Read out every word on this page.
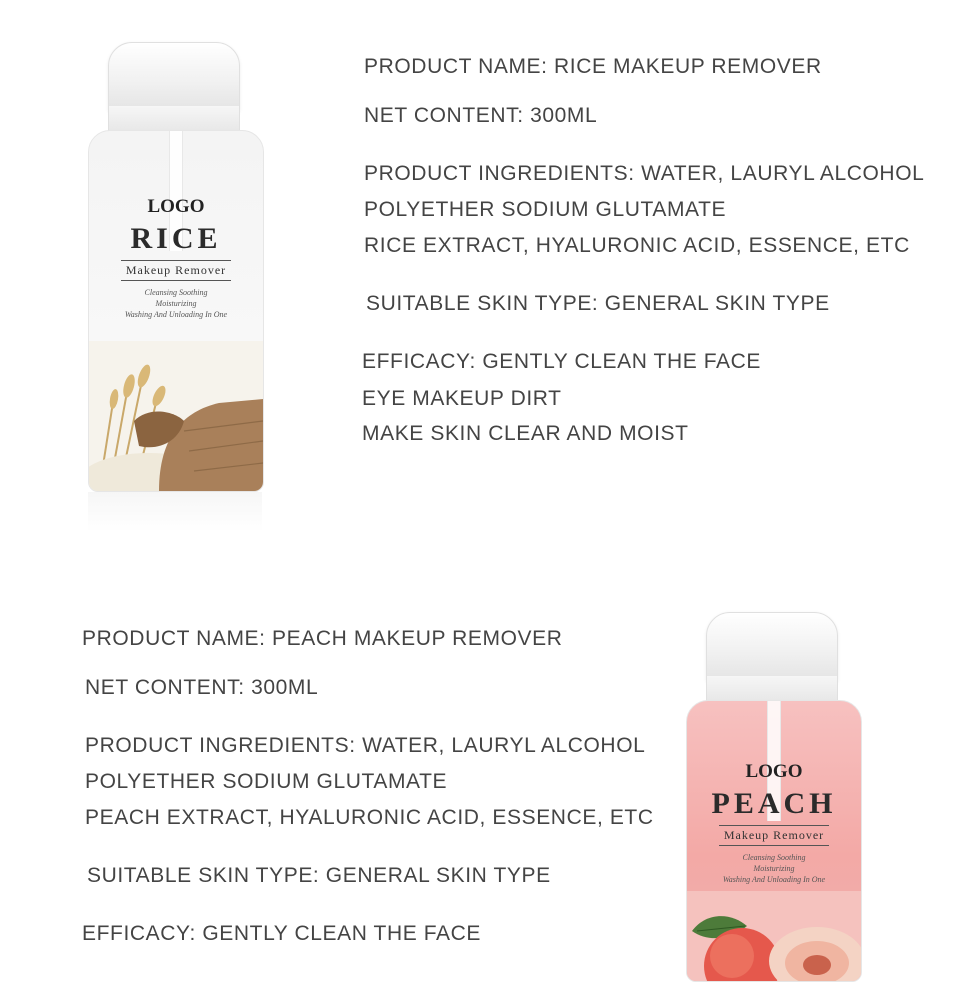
LOGO
RICE
Makeup Remover
Cleansing Soothing
Moisturizing
Washing And Unloading In One
PRODUCT NAME: RICE MAKEUP REMOVER
NET CONTENT: 300ML
PRODUCT INGREDIENTS: WATER, LAURYL ALCOHOL
POLYETHER SODIUM GLUTAMATE
RICE EXTRACT, HYALURONIC ACID, ESSENCE, ETC
SUITABLE SKIN TYPE: GENERAL SKIN TYPE
EFFICACY: GENTLY CLEAN THE FACE
EYE MAKEUP DIRT
MAKE SKIN CLEAR AND MOIST
PRODUCT NAME: PEACH MAKEUP REMOVER
NET CONTENT: 300ML
PRODUCT INGREDIENTS: WATER, LAURYL ALCOHOL
POLYETHER SODIUM GLUTAMATE
PEACH EXTRACT, HYALURONIC ACID, ESSENCE, ETC
SUITABLE SKIN TYPE: GENERAL SKIN TYPE
EFFICACY: GENTLY CLEAN THE FACE
LOGO
PEACH
Makeup Remover
Cleansing Soothing
Moisturizing
Washing And Unloading In One
